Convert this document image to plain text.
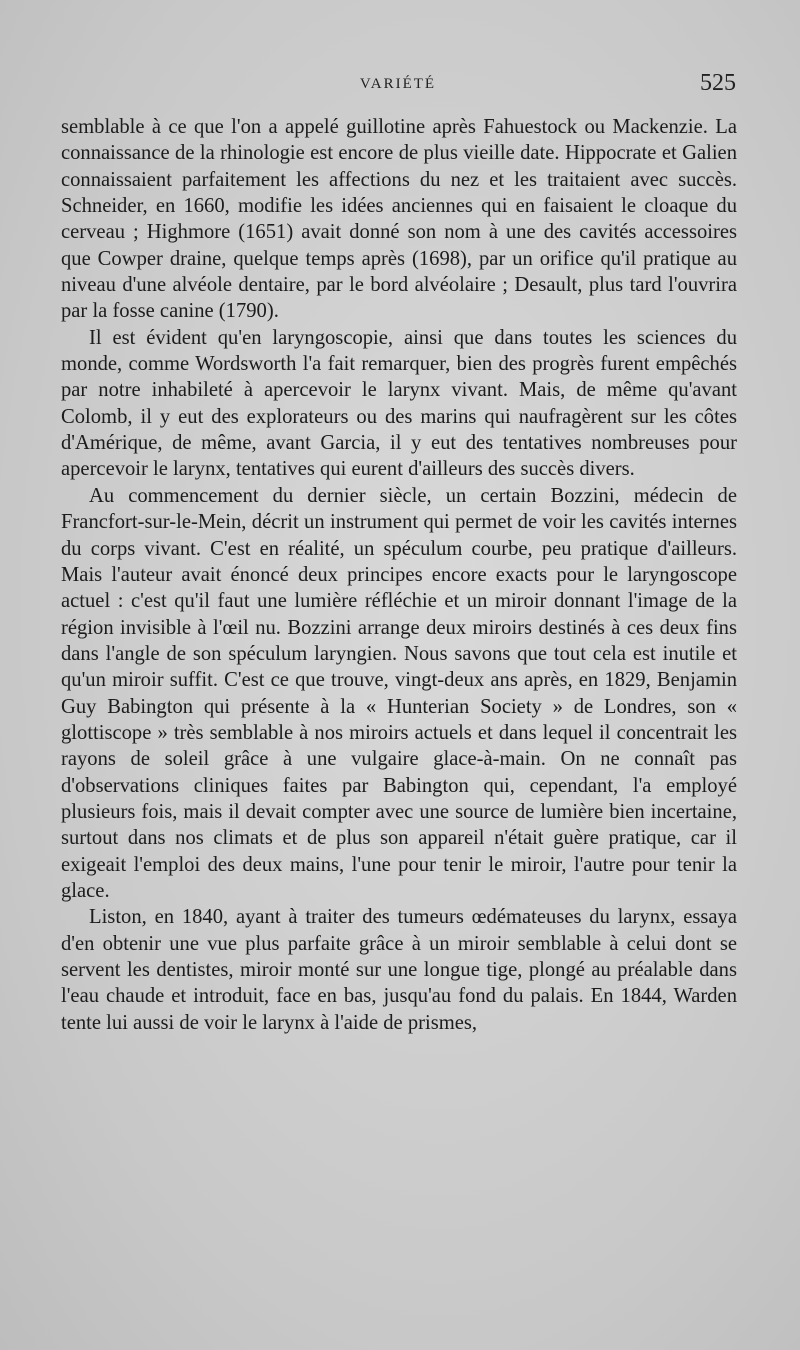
VARIÉTÉ	525

semblable à ce que l'on a appelé guillotine après Fahuestock ou Mackenzie. La connaissance de la rhinologie est encore de plus vieille date. Hippocrate et Galien connaissaient parfaitement les affections du nez et les traitaient avec succès. Schneider, en 1660, modifie les idées anciennes qui en faisaient le cloaque du cerveau ; Highmore (1651) avait donné son nom à une des cavités accessoires que Cowper draine, quelque temps après (1698), par un orifice qu'il pratique au niveau d'une alvéole dentaire, par le bord alvéolaire ; Desault, plus tard l'ouvrira par la fosse canine (1790).

Il est évident qu'en laryngoscopie, ainsi que dans toutes les sciences du monde, comme Wordsworth l'a fait remarquer, bien des progrès furent empêchés par notre inhabileté à apercevoir le larynx vivant. Mais, de même qu'avant Colomb, il y eut des explorateurs ou des marins qui naufragèrent sur les côtes d'Amérique, de même, avant Garcia, il y eut des tentatives nombreuses pour apercevoir le larynx, tentatives qui eurent d'ailleurs des succès divers.

Au commencement du dernier siècle, un certain Bozzini, médecin de Francfort-sur-le-Mein, décrit un instrument qui permet de voir les cavités internes du corps vivant. C'est en réalité, un spéculum courbe, peu pratique d'ailleurs. Mais l'auteur avait énoncé deux principes encore exacts pour le laryngoscope actuel : c'est qu'il faut une lumière réfléchie et un miroir donnant l'image de la région invisible à l'œil nu. Bozzini arrange deux miroirs destinés à ces deux fins dans l'angle de son spéculum laryngien. Nous savons que tout cela est inutile et qu'un miroir suffit. C'est ce que trouve, vingt-deux ans après, en 1829, Benjamin Guy Babington qui présente à la « Hunterian Society » de Londres, son « glottiscope » très semblable à nos miroirs actuels et dans lequel il concentrait les rayons de soleil grâce à une vulgaire glace-à-main. On ne connaît pas d'observations cliniques faites par Babington qui, cependant, l'a employé plusieurs fois, mais il devait compter avec une source de lumière bien incertaine, surtout dans nos climats et de plus son appareil n'était guère pratique, car il exigeait l'emploi des deux mains, l'une pour tenir le miroir, l'autre pour tenir la glace.

Liston, en 1840, ayant à traiter des tumeurs œdémateuses du larynx, essaya d'en obtenir une vue plus parfaite grâce à un miroir semblable à celui dont se servent les dentistes, miroir monté sur une longue tige, plongé au préalable dans l'eau chaude et introduit, face en bas, jusqu'au fond du palais. En 1844, Warden tente lui aussi de voir le larynx à l'aide de prismes,
